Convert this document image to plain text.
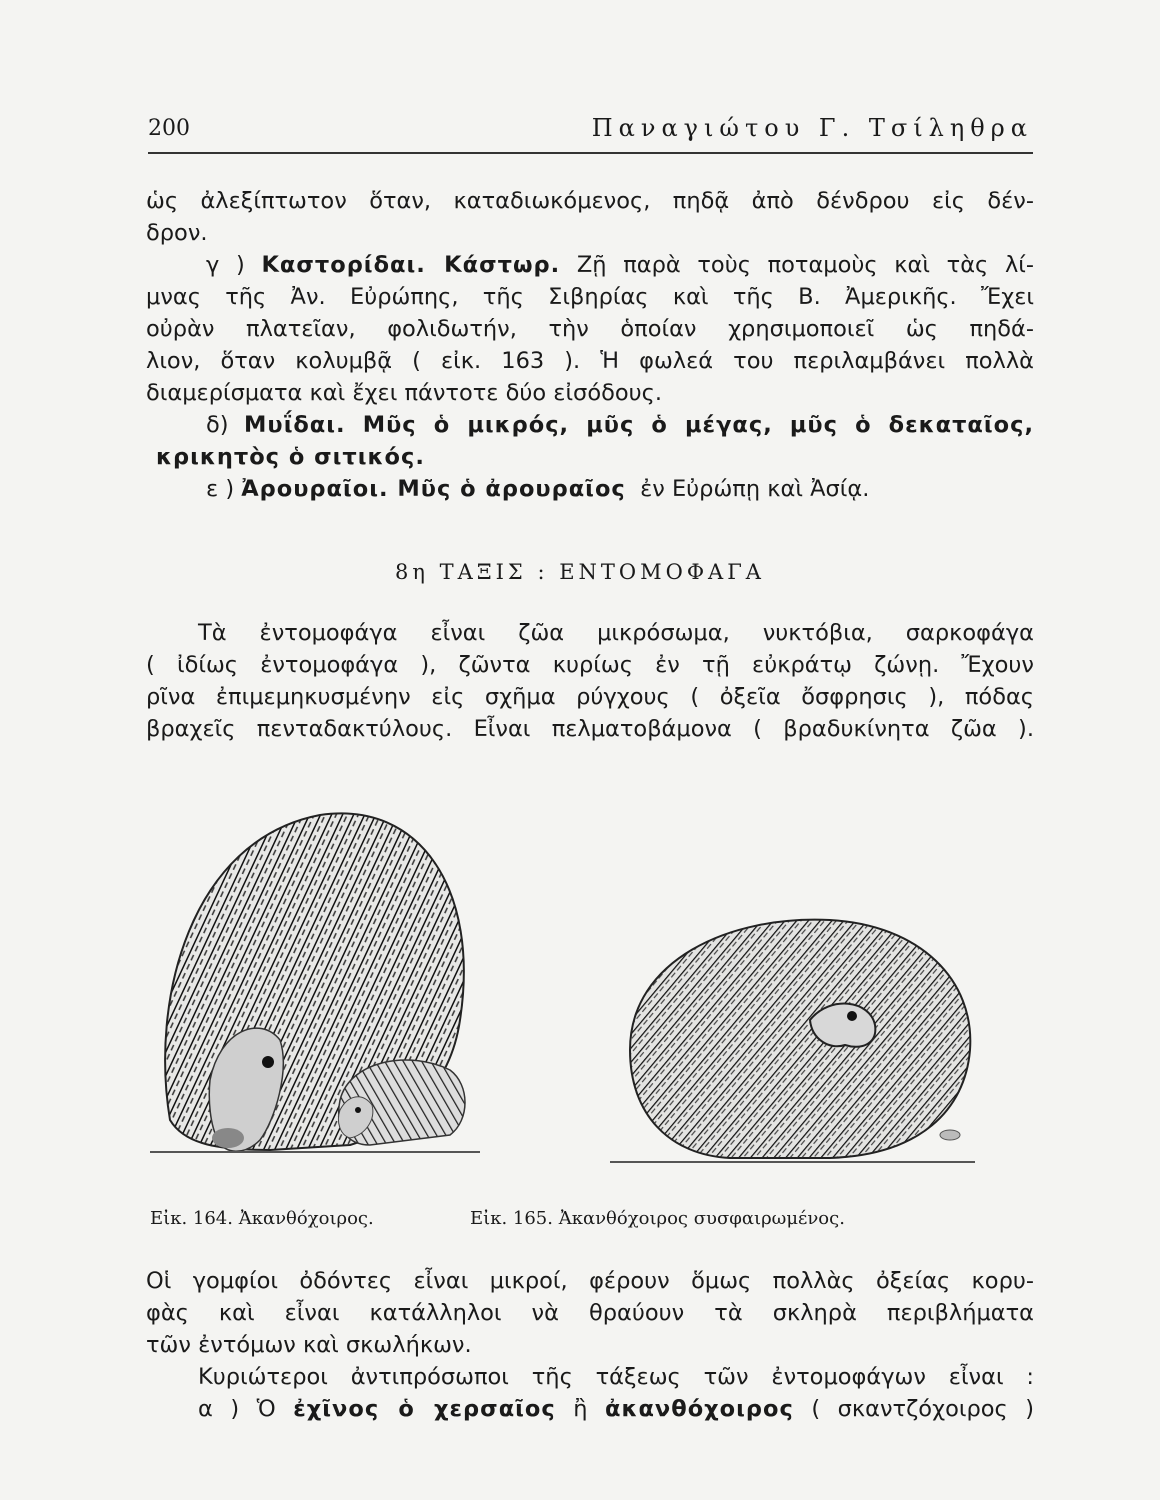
200	Παναγιώτου Γ. Τσίληθρα
ὡς ἀλεξίπτωτον ὅταν, καταδιωκόμενος, πηδᾷ ἀπὸ δένδρου εἰς δέν-
δρον.
γ ) Καστορίδαι. Κάστωρ. Ζῇ παρὰ τοὺς ποταμοὺς καὶ τὰς λί-
μνας τῆς Ἀν. Εὐρώπης, τῆς Σιβηρίας καὶ τῆς Β. Ἀμερικῆς. Ἔχει
οὐρὰν πλατεῖαν, φολιδωτήν, τὴν ὁποίαν χρησιμοποιεῖ ὡς πηδά-
λιον, ὅταν κολυμβᾷ ( εἰκ. 163 ). Ἡ φωλεά του περιλαμβάνει πολλὰ
διαμερίσματα καὶ ἔχει πάντοτε δύο εἰσόδους.
δ) Μυΐδαι. Μῦς ὁ μικρός, μῦς ὁ μέγας, μῦς ὁ δεκαταῖος,
κρικητὸς ὁ σιτικός.
ε ) Ἀρουραῖοι. Μῦς ὁ ἀρουραῖος ἐν Εὐρώπῃ καὶ Ἀσίᾳ.
8η ΤΑΞΙΣ : ΕΝΤΟΜΟΦΑΓΑ
Τὰ ἐντομοφάγα εἶναι ζῶα μικρόσωμα, νυκτόβια, σαρκοφάγα
( ἰδίως ἐντομοφάγα ), ζῶντα κυρίως ἐν τῇ εὐκράτῳ ζώνῃ. Ἔχουν
ρῖνα ἐπιμεμηκυσμένην εἰς σχῆμα ρύγχους ( ὀξεῖα ὄσφρησις ), πόδας
βραχεῖς πενταδακτύλους. Εἶναι πελματοβάμονα ( βραδυκίνητα ζῶα ).
Εἰκ. 164. Ἀκανθόχοιρος.	Εἰκ. 165. Ἀκανθόχοιρος συσφαιρωμένος.
Οἱ γομφίοι ὀδόντες εἶναι μικροί, φέρουν ὅμως πολλὰς ὀξείας κορυ-
φὰς καὶ εἶναι κατάλληλοι νὰ θραύουν τὰ σκληρὰ περιβλήματα
τῶν ἐντόμων καὶ σκωλήκων.
Κυριώτεροι ἀντιπρόσωποι τῆς τάξεως τῶν ἐντομοφάγων εἶναι :
α ) Ὁ ἐχῖνος ὁ χερσαῖος ἢ ἀκανθόχοιρος ( σκαντζόχοιρος )
